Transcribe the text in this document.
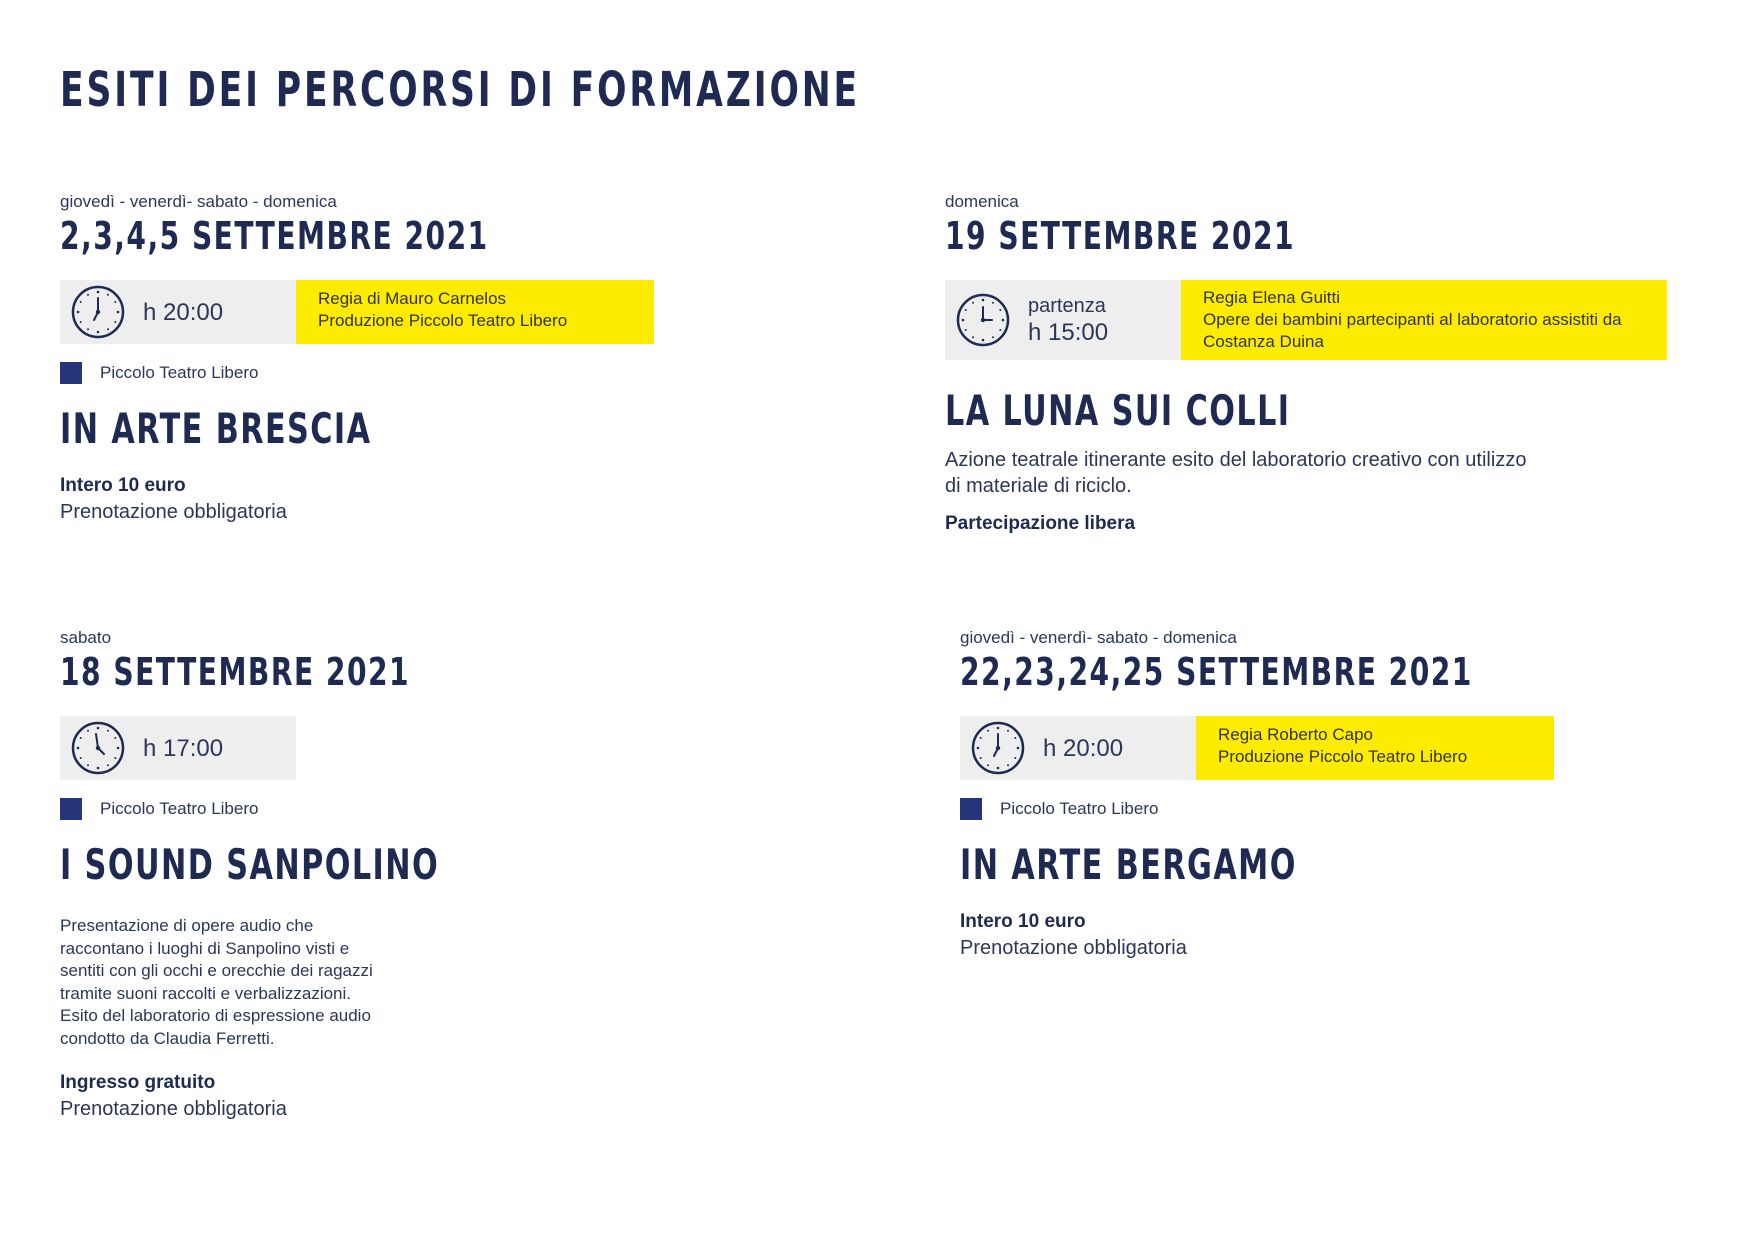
ESITI DEI PERCORSI DI FORMAZIONE
giovedì - venerdì- sabato - domenica
2,3,4,5 SETTEMBRE 2021
h 20:00	Regia di Mauro Carnelos
Produzione Piccolo Teatro Libero
Piccolo Teatro Libero
IN ARTE BRESCIA
Intero 10 euro
Prenotazione obbligatoria
domenica
19 SETTEMBRE 2021
partenza
h 15:00
Regia Elena Guitti
Opere dei bambini partecipanti al laboratorio assistiti da
Costanza Duina
LA LUNA SUI COLLI
Azione teatrale itinerante esito del laboratorio creativo con utilizzo
di materiale di riciclo.
Partecipazione libera
sabato
18 SETTEMBRE 2021
h 17:00
Piccolo Teatro Libero
I SOUND SANPOLINO
Presentazione di opere audio che
raccontano i luoghi di Sanpolino visti e
sentiti con gli occhi e orecchie dei ragazzi
tramite suoni raccolti e verbalizzazioni.
Esito del laboratorio di espressione audio
condotto da Claudia Ferretti.
Ingresso gratuito
Prenotazione obbligatoria
giovedì - venerdì- sabato - domenica
22,23,24,25 SETTEMBRE 2021
h 20:00	Regia Roberto Capo
Produzione Piccolo Teatro Libero
Piccolo Teatro Libero
IN ARTE BERGAMO
Intero 10 euro
Prenotazione obbligatoria
